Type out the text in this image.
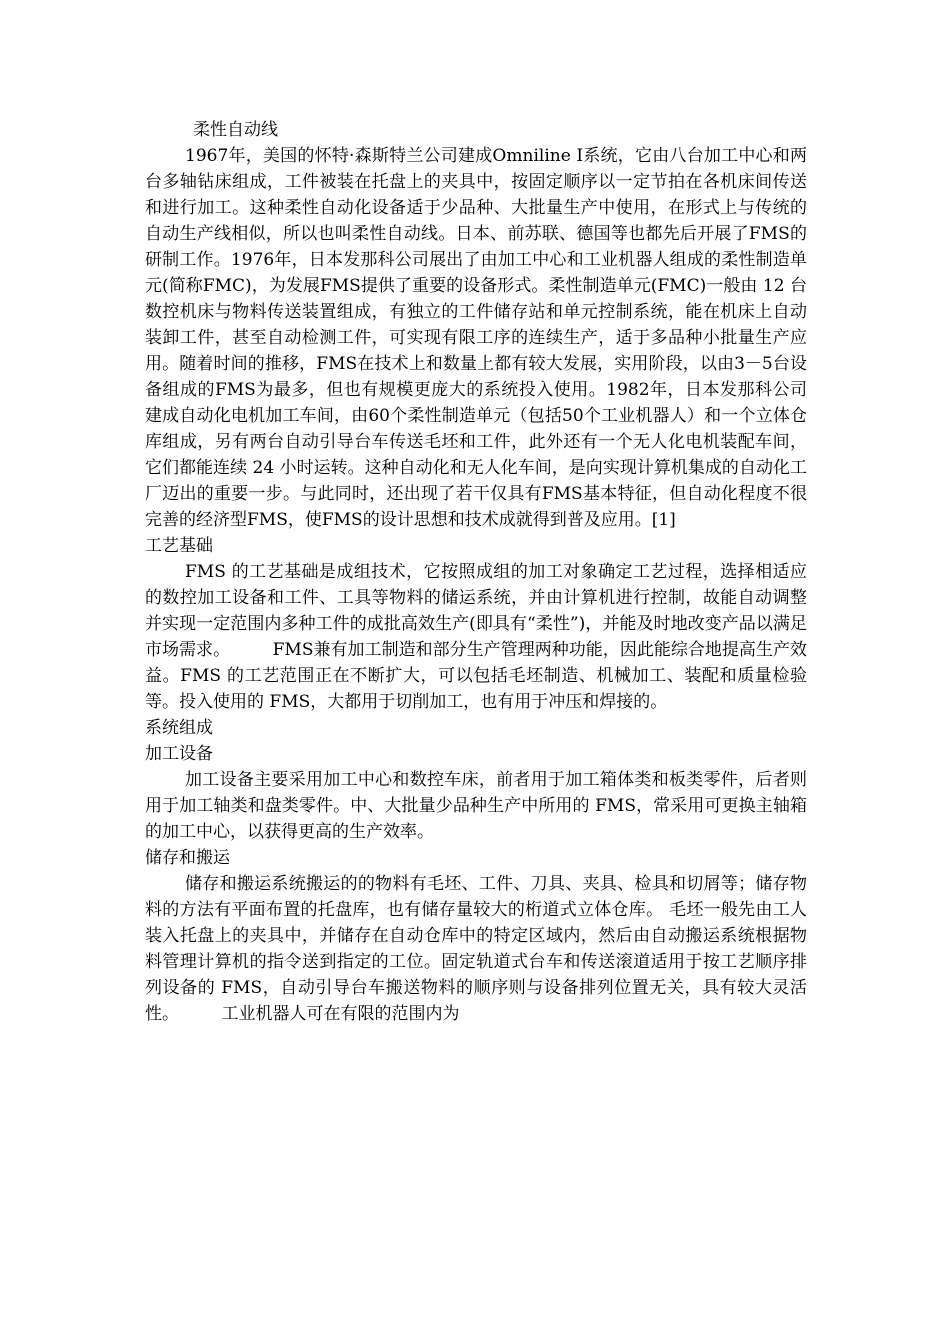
柔性自动线

1967年，美国的怀特·森斯特兰公司建成Omniline I系统，它由八台加工中心和两台多轴钻床组成，工件被装在托盘上的夹具中，按固定顺序以一定节拍在各机床间传送和进行加工。这种柔性自动化设备适于少品种、大批量生产中使用，在形式上与传统的自动生产线相似，所以也叫柔性自动线。日本、前苏联、德国等也都先后开展了FMS的研制工作。1976年，日本发那科公司展出了由加工中心和工业机器人组成的柔性制造单元(简称FMC)，为发展FMS提供了重要的设备形式。柔性制造单元(FMC)一般由 12 台数控机床与物料传送装置组成，有独立的工件储存站和单元控制系统，能在机床上自动装卸工件，甚至自动检测工件，可实现有限工序的连续生产，适于多品种小批量生产应用。随着时间的推移，FMS在技术上和数量上都有较大发展，实用阶段，以由3－5台设备组成的FMS为最多，但也有规模更庞大的系统投入使用。1982年，日本发那科公司建成自动化电机加工车间，由60个柔性制造单元（包括50个工业机器人）和一个立体仓库组成，另有两台自动引导台车传送毛坯和工件，此外还有一个无人化电机装配车间，它们都能连续 24 小时运转。这种自动化和无人化车间，是向实现计算机集成的自动化工厂迈出的重要一步。与此同时，还出现了若干仅具有FMS基本特征，但自动化程度不很完善的经济型FMS，使FMS的设计思想和技术成就得到普及应用。[1]

工艺基础

FMS 的工艺基础是成组技术，它按照成组的加工对象确定工艺过程，选择相适应的数控加工设备和工件、工具等物料的储运系统，并由计算机进行控制，故能自动调整并实现一定范围内多种工件的成批高效生产(即具有“柔性”)，并能及时地改变产品以满足市场需求。　　　FMS兼有加工制造和部分生产管理两种功能，因此能综合地提高生产效益。FMS 的工艺范围正在不断扩大，可以包括毛坯制造、机械加工、装配和质量检验等。投入使用的 FMS，大都用于切削加工，也有用于冲压和焊接的。

系统组成
加工设备

加工设备主要采用加工中心和数控车床，前者用于加工箱体类和板类零件，后者则用于加工轴类和盘类零件。中、大批量少品种生产中所用的 FMS，常采用可更换主轴箱的加工中心，以获得更高的生产效率。

储存和搬运

储存和搬运系统搬运的的物料有毛坯、工件、刀具、夹具、检具和切屑等；储存物料的方法有平面布置的托盘库，也有储存量较大的桁道式立体仓库。 毛坯一般先由工人装入托盘上的夹具中，并储存在自动仓库中的特定区域内，然后由自动搬运系统根据物料管理计算机的指令送到指定的工位。固定轨道式台车和传送滚道适用于按工艺顺序排列设备的 FMS，自动引导台车搬送物料的顺序则与设备排列位置无关，具有较大灵活性。　　　工业机器人可在有限的范围内为
